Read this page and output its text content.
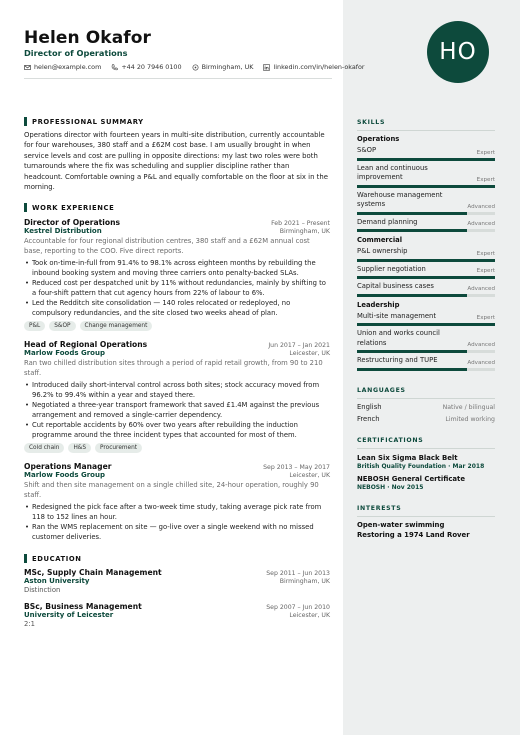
Helen Okafor
Director of Operations
helen@example.com	+44 20 7946 0100	Birmingham, UK	linkedin.com/in/helen-okafor
HO
PROFESSIONAL SUMMARY
Operations director with fourteen years in multi-site distribution, currently accountable for four warehouses, 380 staff and a £62M cost base. I am usually brought in when service levels and cost are pulling in opposite directions: my last two roles were both turnarounds where the fix was scheduling and supplier discipline rather than headcount. Comfortable owning a P&L and equally comfortable on the floor at six in the morning.
WORK EXPERIENCE
Director of Operations	Feb 2021 – Present
Kestrel Distribution	Birmingham, UK
Accountable for four regional distribution centres, 380 staff and a £62M annual cost base, reporting to the COO. Five direct reports.
• Took on-time-in-full from 91.4% to 98.1% across eighteen months by rebuilding the inbound booking system and moving three carriers onto penalty-backed SLAs.
• Reduced cost per despatched unit by 11% without redundancies, mainly by shifting to a four-shift pattern that cut agency hours from 22% of labour to 6%.
• Led the Redditch site consolidation — 140 roles relocated or redeployed, no compulsory redundancies, and the site closed two weeks ahead of plan.
P&L	S&OP	Change management
Head of Regional Operations	Jun 2017 – Jan 2021
Marlow Foods Group	Leicester, UK
Ran two chilled distribution sites through a period of rapid retail growth, from 90 to 210 staff.
• Introduced daily short-interval control across both sites; stock accuracy moved from 96.2% to 99.4% within a year and stayed there.
• Negotiated a three-year transport framework that saved £1.4M against the previous arrangement and removed a single-carrier dependency.
• Cut reportable accidents by 60% over two years after rebuilding the induction programme around the three incident types that accounted for most of them.
Cold chain	H&S	Procurement
Operations Manager	Sep 2013 – May 2017
Marlow Foods Group	Leicester, UK
Shift and then site management on a single chilled site, 24-hour operation, roughly 90 staff.
• Redesigned the pick face after a two-week time study, taking average pick rate from 118 to 152 lines an hour.
• Ran the WMS replacement on site — go-live over a single weekend with no missed customer deliveries.
EDUCATION
MSc, Supply Chain Management	Sep 2011 – Jun 2013
Aston University	Birmingham, UK
Distinction
BSc, Business Management	Sep 2007 – Jun 2010
University of Leicester	Leicester, UK
2:1
SKILLS
Operations
S&OP	Expert
Lean and continuous improvement	Expert
Warehouse management systems	Advanced
Demand planning	Advanced
Commercial
P&L ownership	Expert
Supplier negotiation	Expert
Capital business cases	Advanced
Leadership
Multi-site management	Expert
Union and works council relations	Advanced
Restructuring and TUPE	Advanced
LANGUAGES
English	Native / bilingual
French	Limited working
CERTIFICATIONS
Lean Six Sigma Black Belt
British Quality Foundation · Mar 2018
NEBOSH General Certificate
NEBOSH · Nov 2015
INTERESTS
Open-water swimming
Restoring a 1974 Land Rover
